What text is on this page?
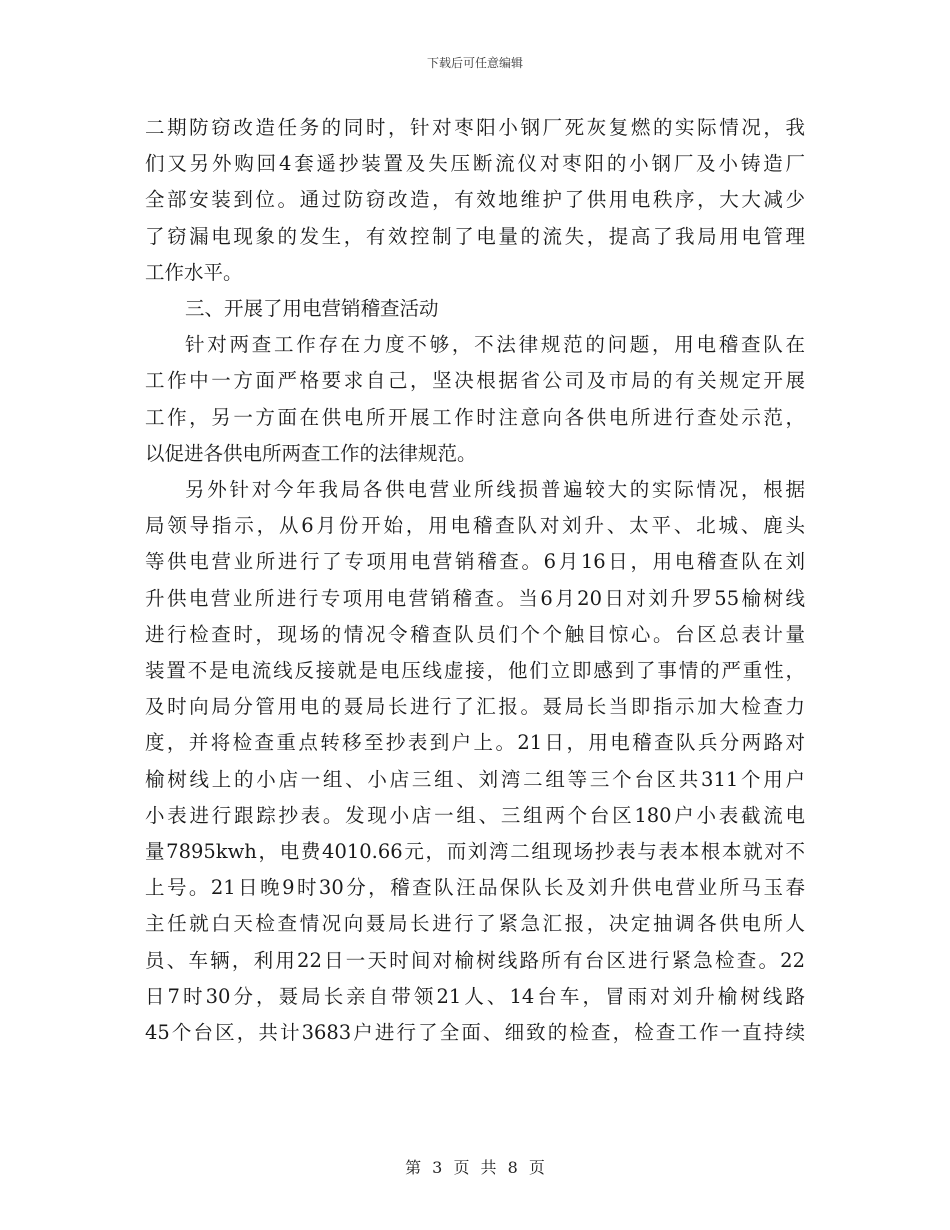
下载后可任意编辑

二期防窃改造任务的同时，针对枣阳小钢厂死灰复燃的实际情况，我
们又另外购回4套遥抄装置及失压断流仪对枣阳的小钢厂及小铸造厂
全部安装到位。通过防窃改造，有效地维护了供用电秩序，大大减少
了窃漏电现象的发生，有效控制了电量的流失，提高了我局用电管理
工作水平。

三、开展了用电营销稽查活动

针对两查工作存在力度不够，不法律规范的问题，用电稽查队在
工作中一方面严格要求自己，坚决根据省公司及市局的有关规定开展
工作，另一方面在供电所开展工作时注意向各供电所进行查处示范，
以促进各供电所两查工作的法律规范。

另外针对今年我局各供电营业所线损普遍较大的实际情况，根据
局领导指示，从6月份开始，用电稽查队对刘升、太平、北城、鹿头
等供电营业所进行了专项用电营销稽查。6月16日，用电稽查队在刘
升供电营业所进行专项用电营销稽查。当6月20日对刘升罗55榆树线
进行检查时，现场的情况令稽查队员们个个触目惊心。台区总表计量
装置不是电流线反接就是电压线虚接，他们立即感到了事情的严重性，
及时向局分管用电的聂局长进行了汇报。聂局长当即指示加大检查力
度，并将检查重点转移至抄表到户上。21日，用电稽查队兵分两路对
榆树线上的小店一组、小店三组、刘湾二组等三个台区共311个用户
小表进行跟踪抄表。发现小店一组、三组两个台区180户小表截流电
量7895kwh，电费4010.66元，而刘湾二组现场抄表与表本根本就对不
上号。21日晚9时30分，稽查队汪品保队长及刘升供电营业所马玉春
主任就白天检查情况向聂局长进行了紧急汇报，决定抽调各供电所人
员、车辆，利用22日一天时间对榆树线路所有台区进行紧急检查。22
日7时30分，聂局长亲自带领21人、14台车，冒雨对刘升榆树线路
45个台区，共计3683户进行了全面、细致的检查，检查工作一直持续

第 3 页 共 8 页
